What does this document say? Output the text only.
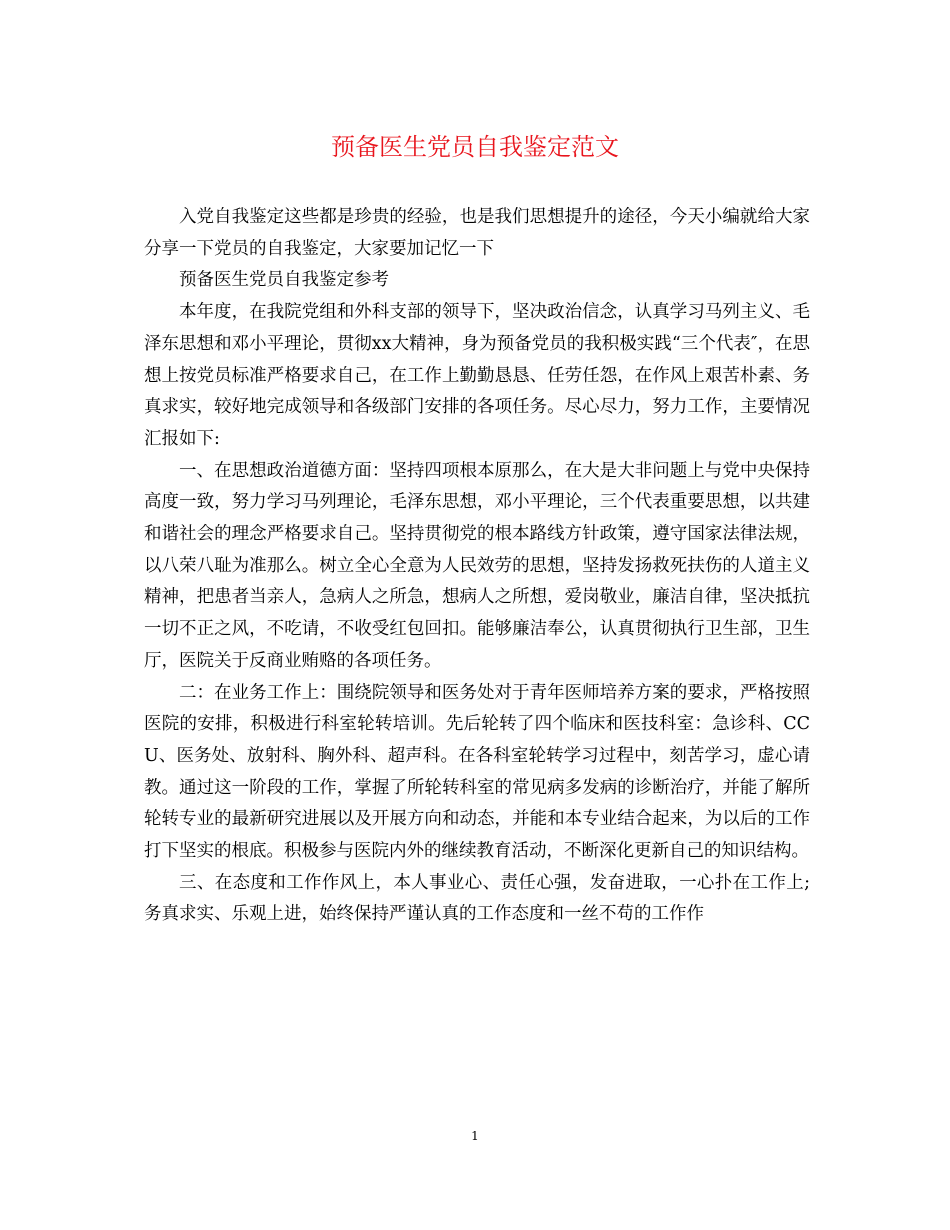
预备医生党员自我鉴定范文

入党自我鉴定这些都是珍贵的经验，也是我们思想提升的途径，今天小编就给大家分享一下党员的自我鉴定，大家要加记忆一下

预备医生党员自我鉴定参考

本年度，在我院党组和外科支部的领导下，坚决政治信念，认真学习马列主义、毛泽东思想和邓小平理论，贯彻xx大精神，身为预备党员的我积极实践“三个代表″，在思想上按党员标准严格要求自己，在工作上勤勤恳恳、任劳任怨，在作风上艰苦朴素、务真求实，较好地完成领导和各级部门安排的各项任务。尽心尽力，努力工作，主要情况汇报如下:

一、在思想政治道德方面：坚持四项根本原那么，在大是大非问题上与党中央保持高度一致，努力学习马列理论，毛泽东思想，邓小平理论，三个代表重要思想，以共建和谐社会的理念严格要求自己。坚持贯彻党的根本路线方针政策，遵守国家法律法规，以八荣八耻为准那么。树立全心全意为人民效劳的思想，坚持发扬救死扶伤的人道主义精神，把患者当亲人，急病人之所急，想病人之所想，爱岗敬业，廉洁自律，坚决抵抗一切不正之风，不吃请，不收受红包回扣。能够廉洁奉公，认真贯彻执行卫生部，卫生厅，医院关于反商业贿赂的各项任务。

二：在业务工作上：围绕院领导和医务处对于青年医师培养方案的要求，严格按照医院的安排，积极进行科室轮转培训。先后轮转了四个临床和医技科室：急诊科、CCU、医务处、放射科、胸外科、超声科。在各科室轮转学习过程中，刻苦学习，虚心请教。通过这一阶段的工作，掌握了所轮转科室的常见病多发病的诊断治疗，并能了解所轮转专业的最新研究进展以及开展方向和动态，并能和本专业结合起来，为以后的工作打下坚实的根底。积极参与医院内外的继续教育活动，不断深化更新自己的知识结构。

三、在态度和工作作风上，本人事业心、责任心强，发奋进取，一心扑在工作上;务真求实、乐观上进，始终保持严谨认真的工作态度和一丝不苟的工作作

1
